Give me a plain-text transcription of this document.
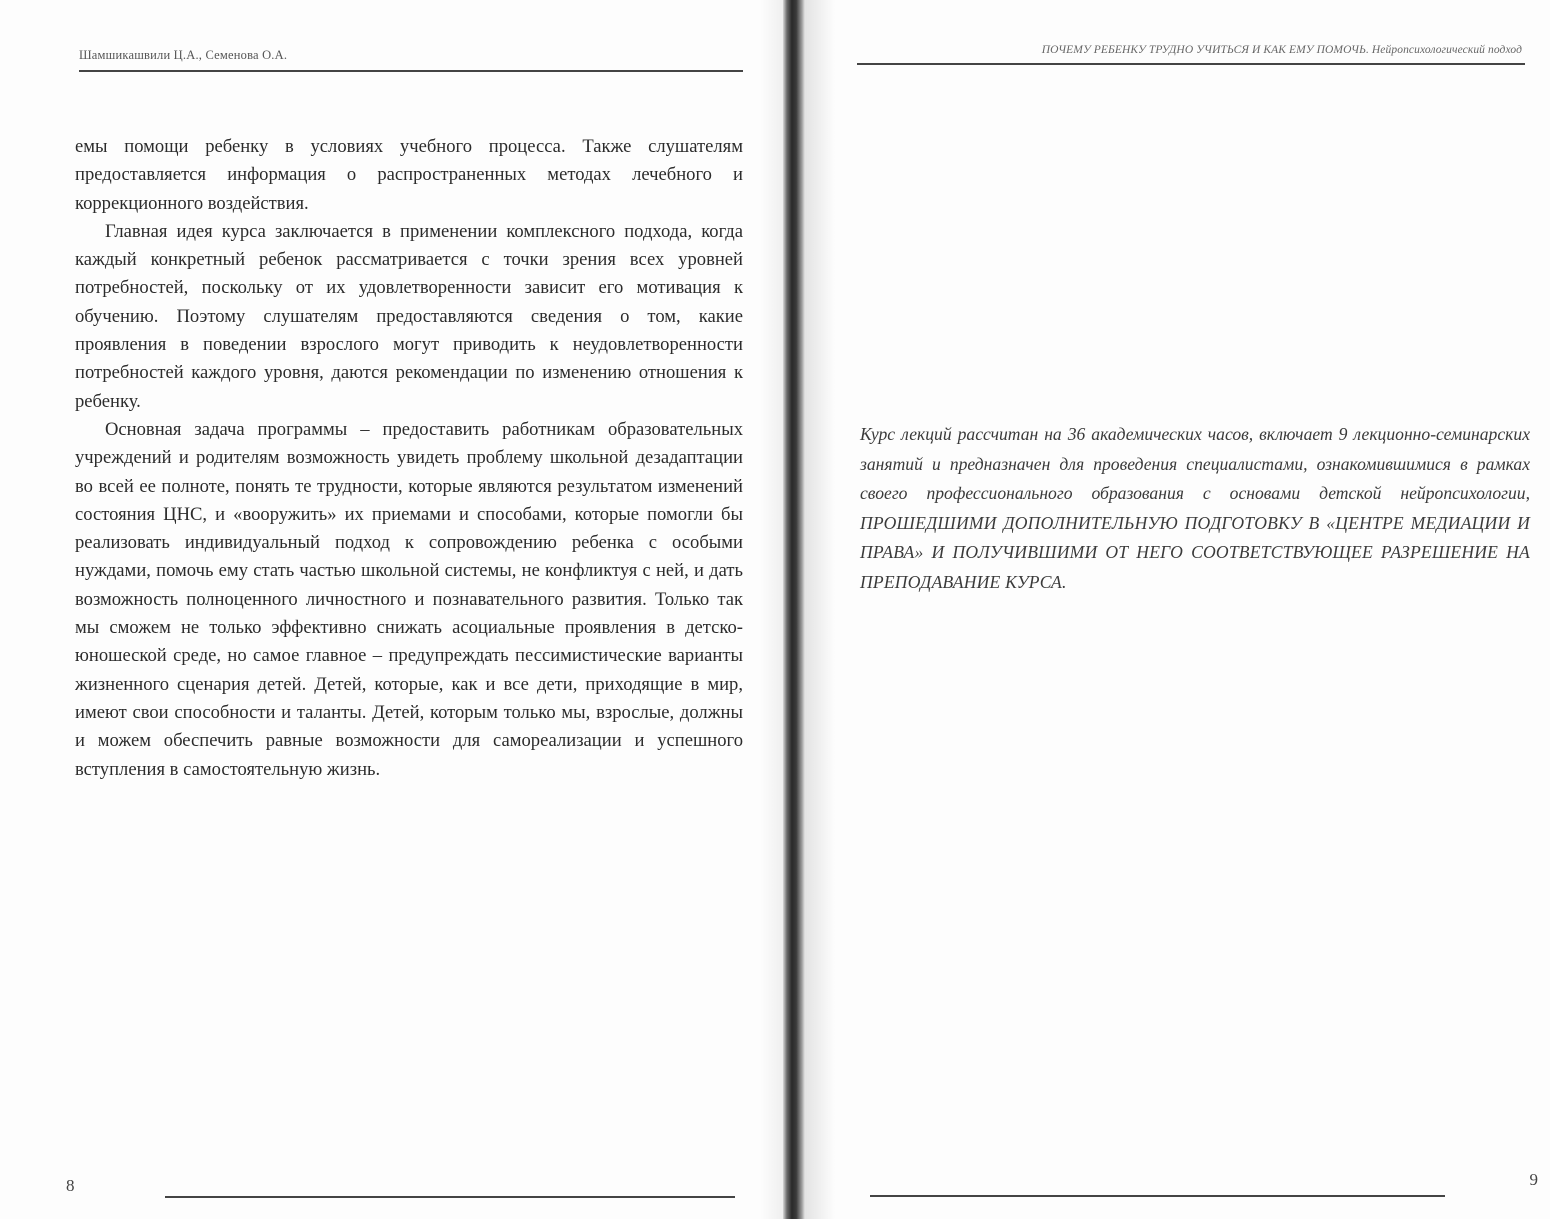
Шамшикашвили Ц.А., Семенова О.А.

емы помощи ребенку в условиях учебного процесса. Также слушателям предоставляется информация о распространенных методах лечебного и коррекционного воздействия.

Главная идея курса заключается в применении комплексного подхода, когда каждый конкретный ребенок рассматривается с точки зрения всех уровней потребностей, поскольку от их удовлетворенности зависит его мотивация к обучению. Поэтому слушателям предоставляются сведения о том, какие проявления в поведении взрослого могут приводить к неудовлетворенности потребностей каждого уровня, даются рекомендации по изменению отношения к ребенку.

Основная задача программы – предоставить работникам образовательных учреждений и родителям возможность увидеть проблему школьной дезадаптации во всей ее полноте, понять те трудности, которые являются результатом изменений состояния ЦНС, и «вооружить» их приемами и способами, которые помогли бы реализовать индивидуальный подход к сопровождению ребенка с особыми нуждами, помочь ему стать частью школьной системы, не конфликтуя с ней, и дать возможность полноценного личностного и познавательного развития. Только так мы сможем не только эффективно снижать асоциальные проявления в детско-юношеской среде, но самое главное – предупреждать пессимистические варианты жизненного сценария детей. Детей, которые, как и все дети, приходящие в мир, имеют свои способности и таланты. Детей, которым только мы, взрослые, должны и можем обеспечить равные возможности для самореализации и успешного вступления в самостоятельную жизнь.

8
ПОЧЕМУ РЕБЕНКУ ТРУДНО УЧИТЬСЯ И КАК ЕМУ ПОМОЧЬ. Нейропсихологический подход
Курс лекций рассчитан на 36 академических часов, включает 9 лекционно-семинарских занятий и предназначен для проведения специалистами, ознакомившимися в рамках своего профессионального образования с основами детской нейропсихологии, ПРОШЕДШИМИ ДОПОЛНИТЕЛЬНУЮ ПОДГОТОВКУ В «ЦЕНТРЕ МЕДИАЦИИ И ПРАВА» И ПОЛУЧИВШИМИ ОТ НЕГО СООТВЕТСТВУЮЩЕЕ РАЗРЕШЕНИЕ НА ПРЕПОДАВАНИЕ КУРСА.
9
